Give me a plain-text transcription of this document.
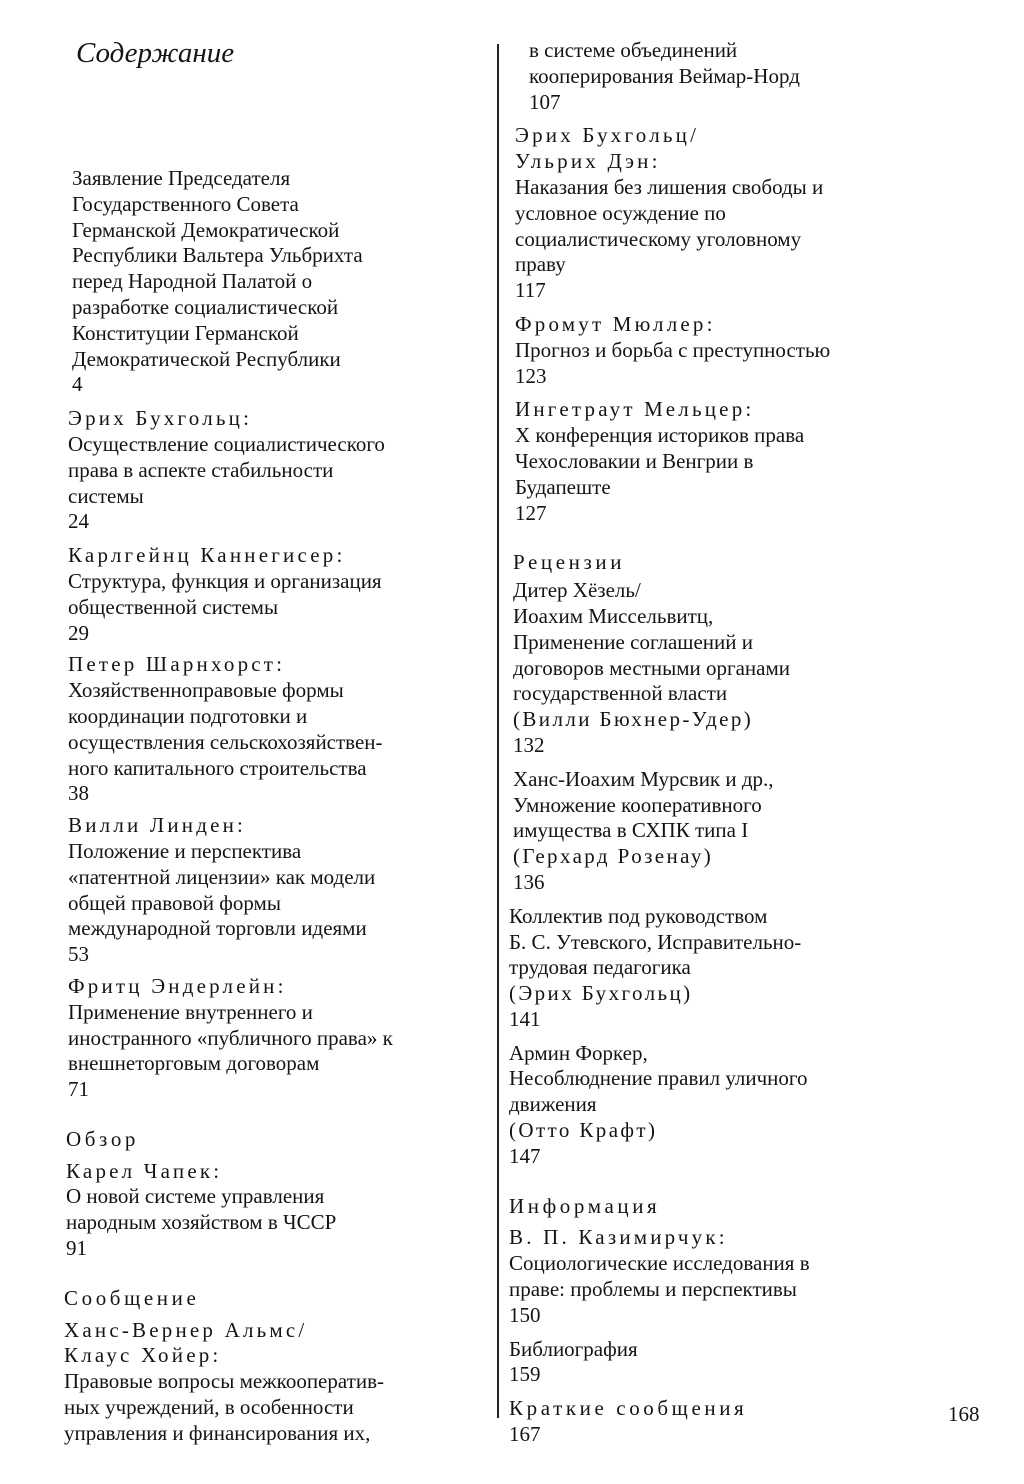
Содержание
Заявление Председателя
Государственного Совета
Германской Демократической
Республики Вальтера Ульбрихта
перед Народной Палатой о
разработке социалистической
Конституции Германской
Демократической Республики
4
Эрих Бухгольц:
Осуществление социалистического
права в аспекте стабильности
системы
24
Карлгейнц Каннегисер:
Структура, функция и организация
общественной системы
29
Петер Шарнхорст:
Хозяйственноправовые формы
координации подготовки и
осуществления сельскохозяйствен-
ного капитального строительства
38
Вилли Линден:
Положение и перспектива
«патентной лицензии» как модели
общей правовой формы
международной торговли идеями
53
Фритц Эндерлейн:
Применение внутреннего и
иностранного «публичного права» к
внешнеторговым договорам
71
Обзор
Карел Чапек:
О новой системе управления
народным хозяйством в ЧССР
91
Сообщение
Ханс-Вернер Альмс/
Клаус Хойер:
Правовые вопросы межкооператив-
ных учреждений, в особенности
управления и финансирования их,
в системе объединений
кооперирования Веймар-Норд
107
Эрих Бухгольц/
Ульрих Дэн:
Наказания без лишения свободы и
условное осуждение по
социалистическому уголовному
праву
117
Фромут Мюллер:
Прогноз и борьба с преступностью
123
Ингетраут Мельцер:
X конференция историков права
Чехословакии и Венгрии в
Будапеште
127
Рецензии
Дитер Хёзель/
Иоахим Миссельвитц,
Применение соглашений и
договоров местными органами
государственной власти
(Вилли Бюхнер-Удер)
132
Ханс-Иоахим Мурсвик и др.,
Умножение кооперативного
имущества в СХПК типа I
(Герхард Розенау)
136
Коллектив под руководством
Б. С. Утевского, Исправительно-
трудовая педагогика
(Эрих Бухгольц)
141
Армин Форкер,
Несоблюднение правил уличного
движения
(Отто Крафт)
147
Информация
В. П. Казимирчук:
Социологические исследования в
праве: проблемы и перспективы
150
Библиография
159
Краткие сообщения
167
168
